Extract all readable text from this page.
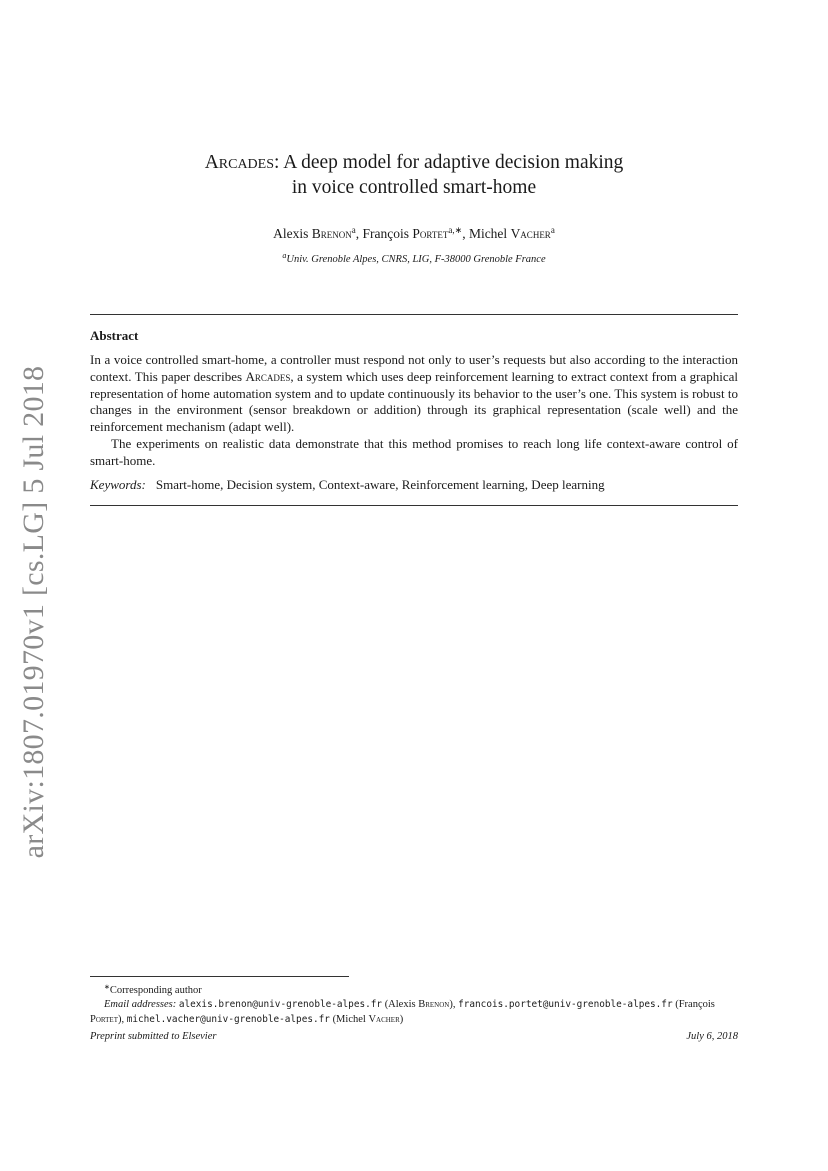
arXiv:1807.01970v1 [cs.LG] 5 Jul 2018
Arcades: A deep model for adaptive decision making
in voice controlled smart-home
Alexis Brenon$^a$, François Portet$^{a,∗}$, Michel Vacher$^a$
$^a$Univ. Grenoble Alpes, CNRS, LIG, F-38000 Grenoble France
Abstract

In a voice controlled smart-home, a controller must respond not only to user’s requests but also according to the interaction context. This paper describes Arcades, a system which uses deep reinforcement learning to extract context from a graphical representation of home automation system and to update continuously its behavior to the user’s one. This system is robust to changes in the environment (sensor breakdown or addition) through its graphical representation (scale well) and the reinforcement mechanism (adapt well).

The experiments on realistic data demonstrate that this method promises to reach long life context-aware control of smart-home.

Keywords: Smart-home, Decision system, Context-aware, Reinforcement learning, Deep learning
∗Corresponding author
Email addresses: alexis.brenon@univ-grenoble-alpes.fr (Alexis Brenon), francois.portet@univ-grenoble-alpes.fr (François Portet), michel.vacher@univ-grenoble-alpes.fr (Michel Vacher)
Preprint submitted to Elsevier	July 6, 2018
